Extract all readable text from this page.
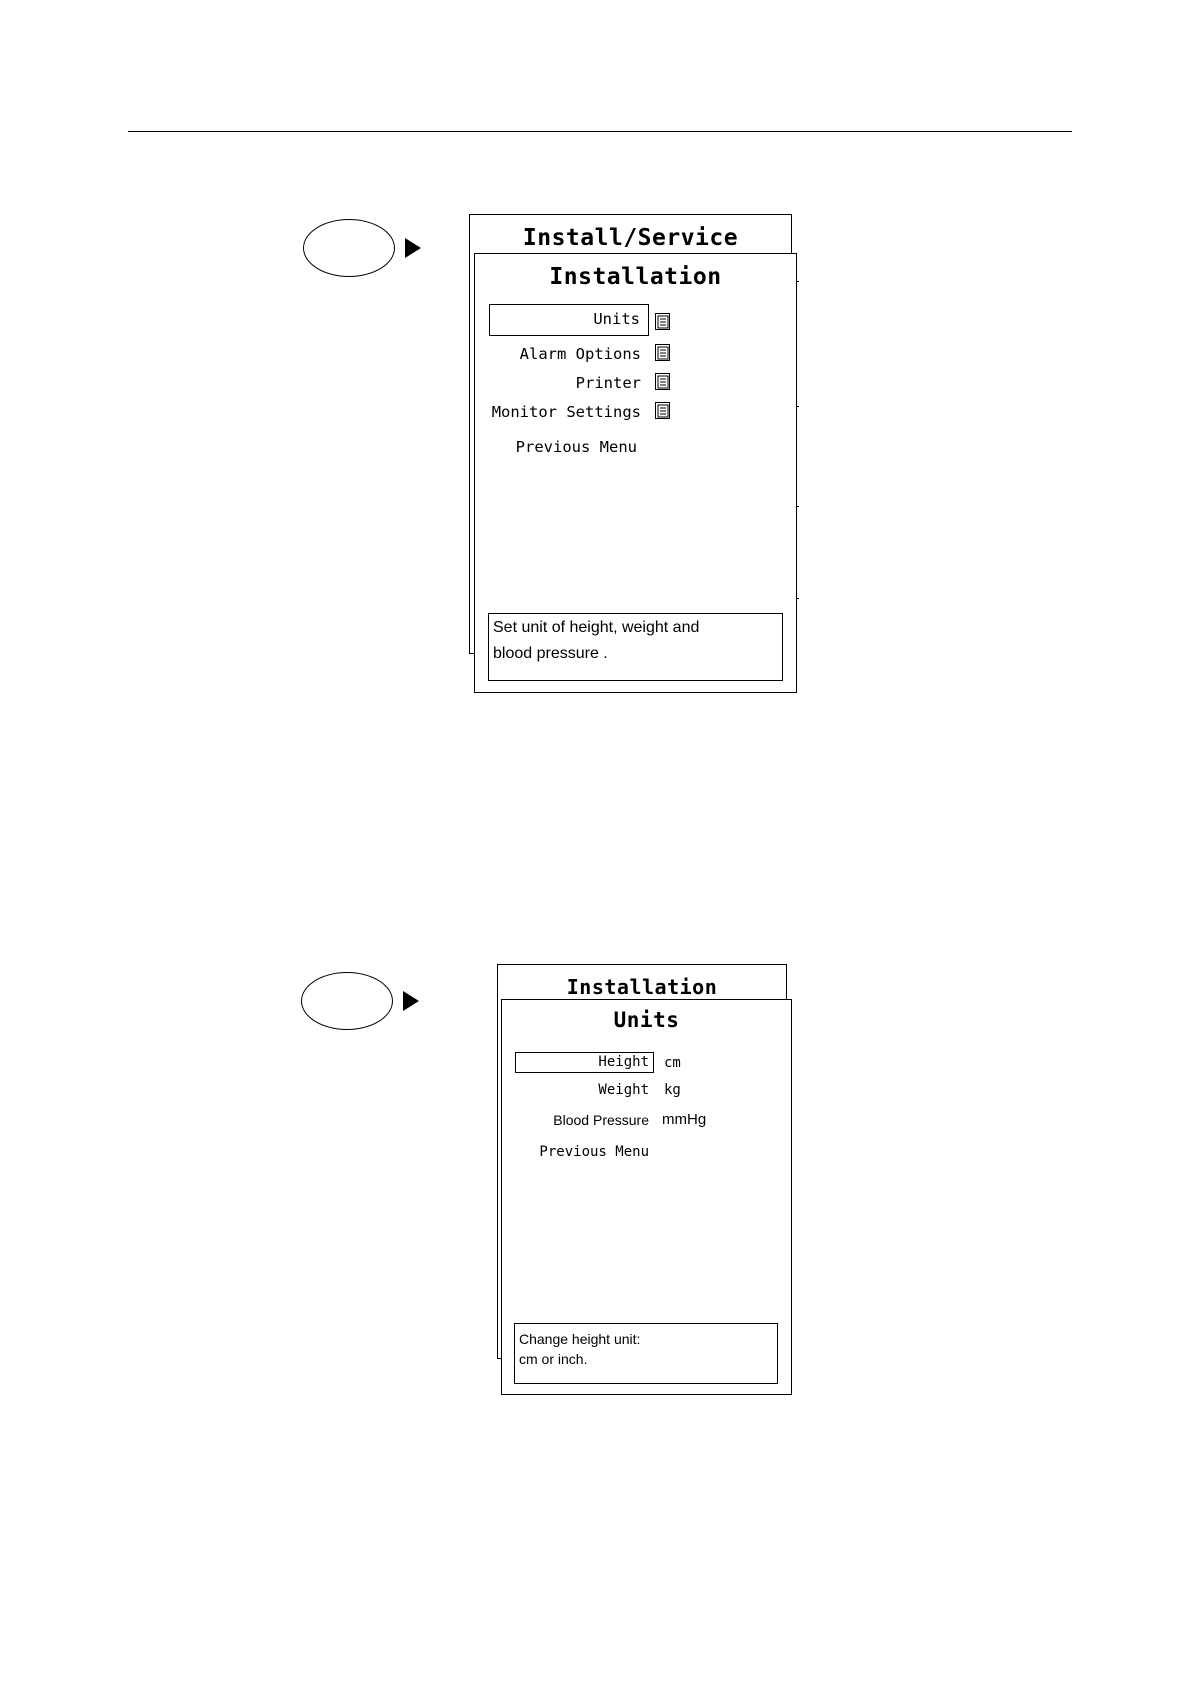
Install/Service
Installation
Units
Alarm Options
Printer
Monitor Settings
Previous Menu
Set unit of height, weight and
blood pressure .
Installation
Units
Height	cm
Weight kg
Blood Pressure mmHg
Previous Menu
Change height unit:
cm or inch.
